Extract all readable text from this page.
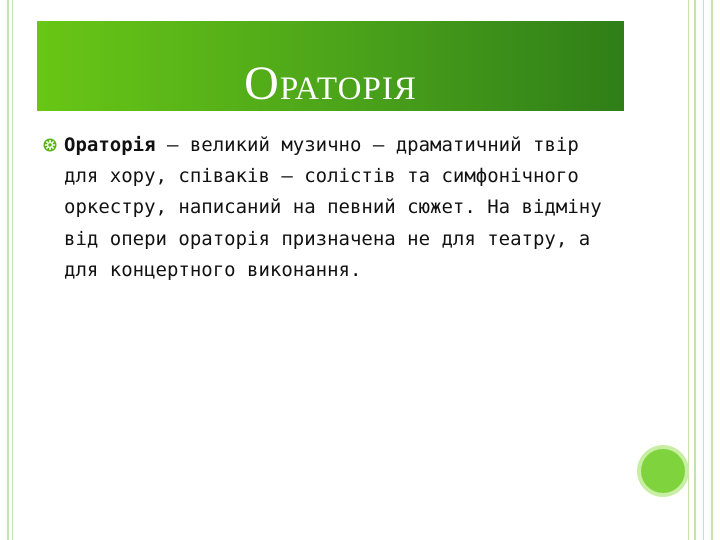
ОРАТОРІЯ

Ораторія – великий музично – драматичний твір для хору, співаків – солістів та симфонічного оркестру, написаний на певний сюжет. На відміну від опери ораторія призначена не для театру, а для концертного виконання.
